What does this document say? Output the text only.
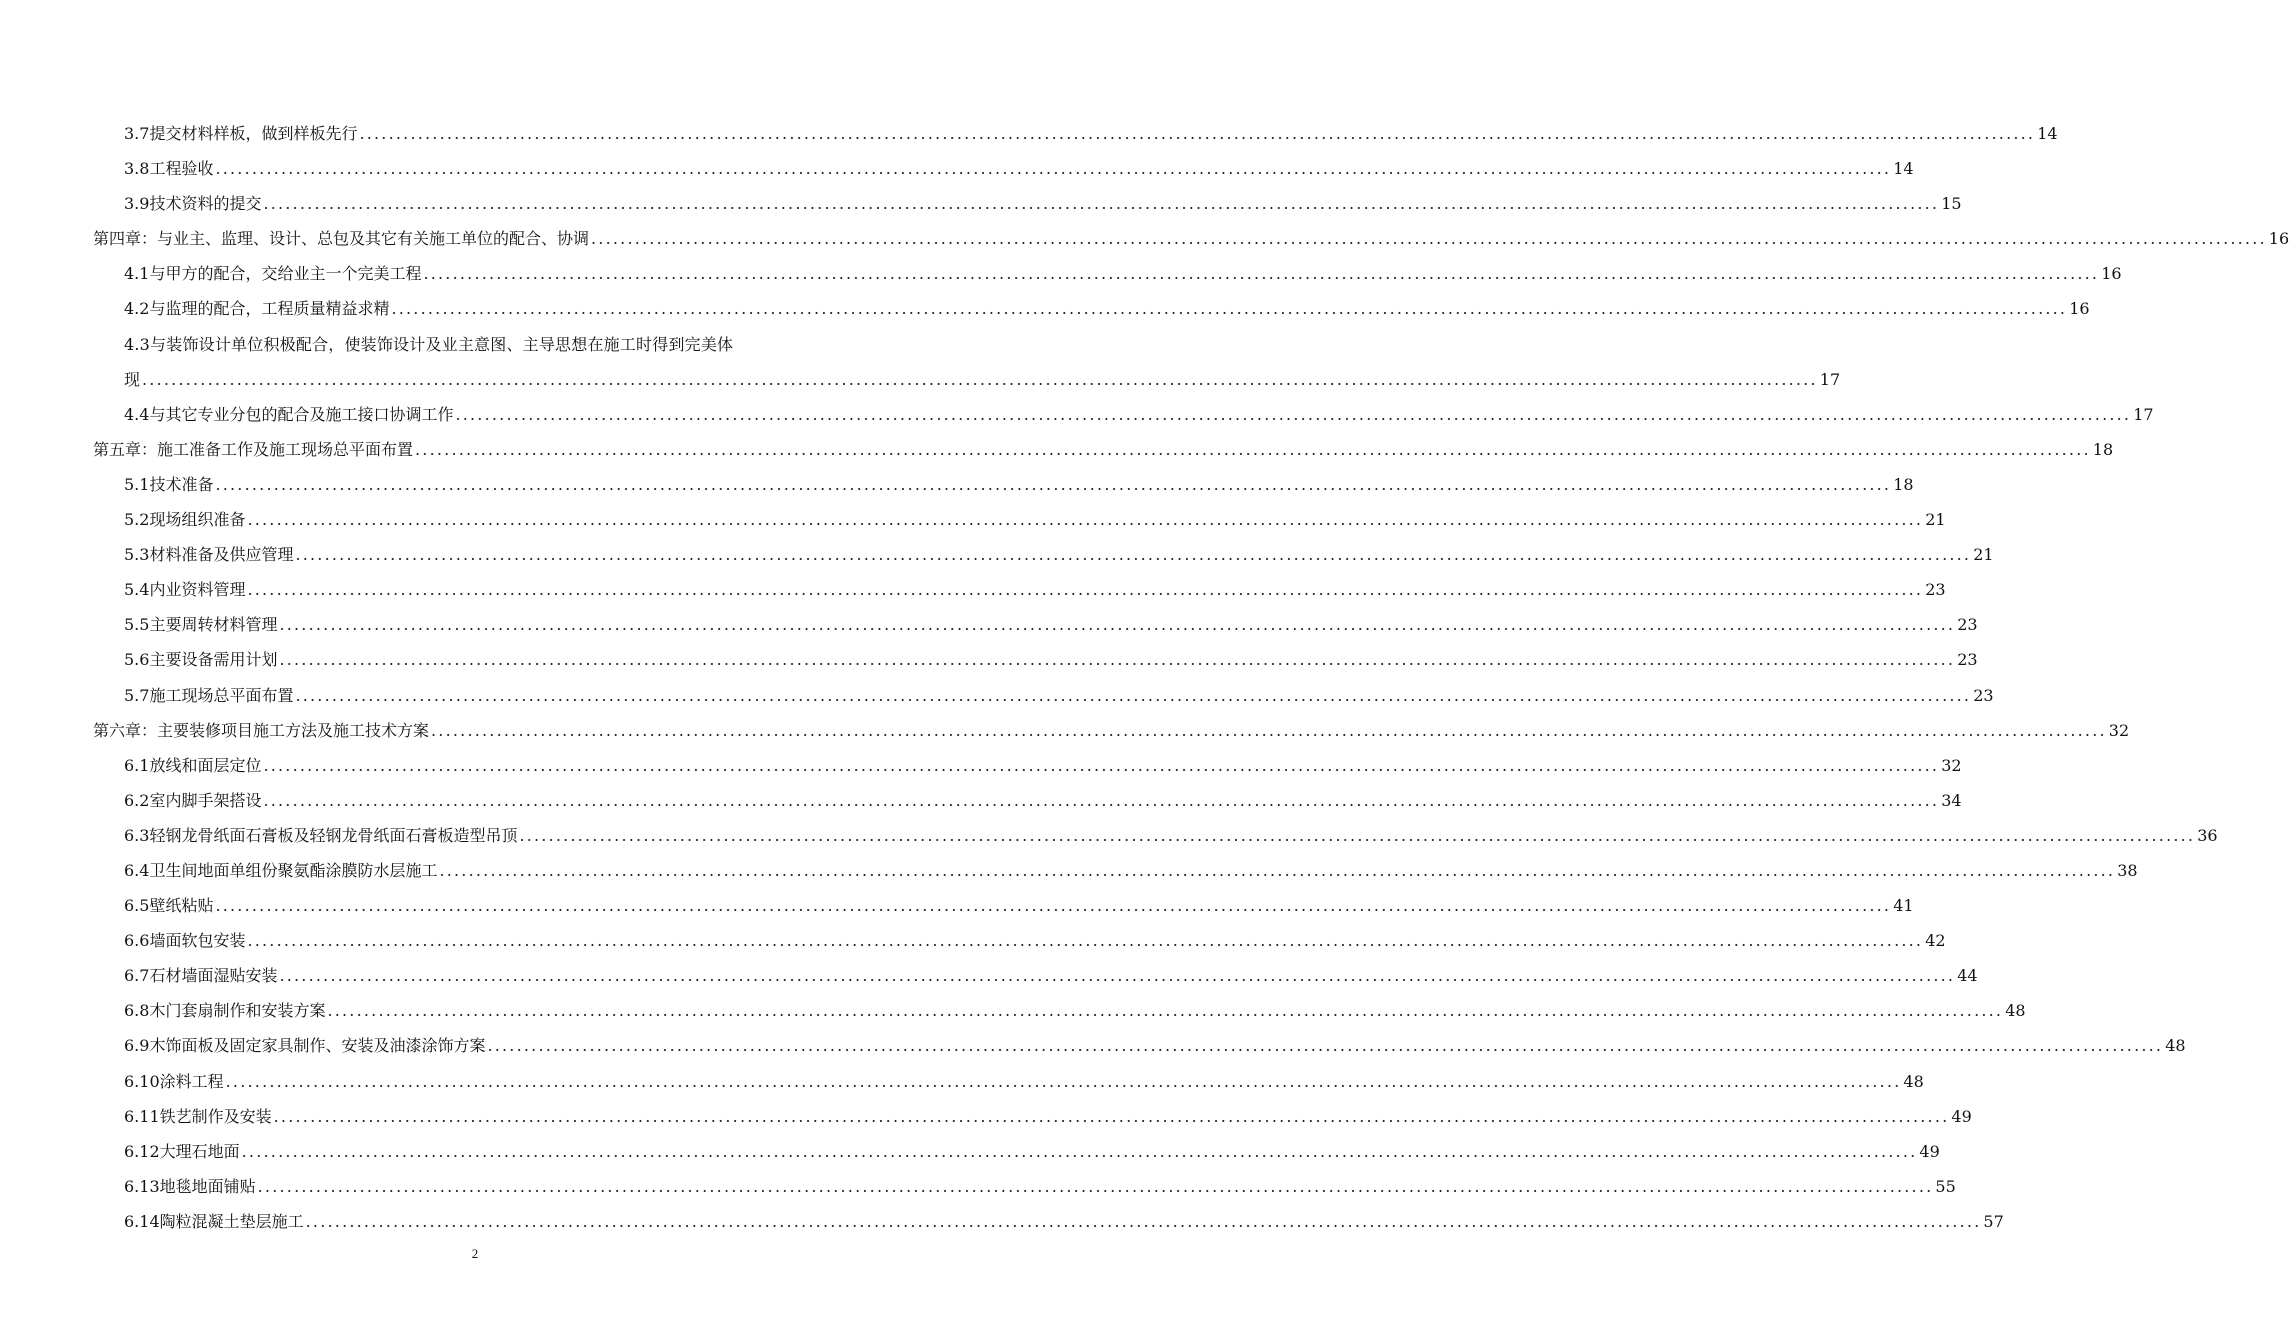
3.7提交材料样板，做到样板先行 ...................................................................................................................................................................................................................................... 14
3.8工程验收 ...................................................................................................................................................................................................................................... 14
3.9技术资料的提交 ...................................................................................................................................................................................................................................... 15
第四章：与业主、监理、设计、总包及其它有关施工单位的配合、协调 ...................................................................................................................................................................................................................................... 16
4.1与甲方的配合，交给业主一个完美工程 ...................................................................................................................................................................................................................................... 16
4.2与监理的配合，工程质量精益求精 ...................................................................................................................................................................................................................................... 16
4.3与装饰设计单位积极配合，使装饰设计及业主意图、主导思想在施工时得到完美体
现 ...................................................................................................................................................................................................................................... 17
4.4与其它专业分包的配合及施工接口协调工作 ...................................................................................................................................................................................................................................... 17
第五章：施工准备工作及施工现场总平面布置 ...................................................................................................................................................................................................................................... 18
5.1技术准备 ...................................................................................................................................................................................................................................... 18
5.2现场组织准备 ...................................................................................................................................................................................................................................... 21
5.3材料准备及供应管理 ...................................................................................................................................................................................................................................... 21
5.4内业资料管理 ...................................................................................................................................................................................................................................... 23
5.5主要周转材料管理 ...................................................................................................................................................................................................................................... 23
5.6主要设备需用计划 ...................................................................................................................................................................................................................................... 23
5.7施工现场总平面布置 ...................................................................................................................................................................................................................................... 23
第六章：主要装修项目施工方法及施工技术方案 ...................................................................................................................................................................................................................................... 32
6.1放线和面层定位 ...................................................................................................................................................................................................................................... 32
6.2室内脚手架搭设 ...................................................................................................................................................................................................................................... 34
6.3轻钢龙骨纸面石膏板及轻钢龙骨纸面石膏板造型吊顶 ...................................................................................................................................................................................................................................... 36
6.4卫生间地面单组份聚氨酯涂膜防水层施工 ...................................................................................................................................................................................................................................... 38
6.5壁纸粘贴 ...................................................................................................................................................................................................................................... 41
6.6墙面软包安装 ...................................................................................................................................................................................................................................... 42
6.7石材墙面湿贴安装 ...................................................................................................................................................................................................................................... 44
6.8木门套扇制作和安装方案 ...................................................................................................................................................................................................................................... 48
6.9木饰面板及固定家具制作、安装及油漆涂饰方案 ...................................................................................................................................................................................................................................... 48
6.10涂料工程 ...................................................................................................................................................................................................................................... 48
6.11铁艺制作及安装 ...................................................................................................................................................................................................................................... 49
6.12大理石地面 ...................................................................................................................................................................................................................................... 49
6.13地毯地面铺贴 ...................................................................................................................................................................................................................................... 55
6.14陶粒混凝土垫层施工 ...................................................................................................................................................................................................................................... 57
2
